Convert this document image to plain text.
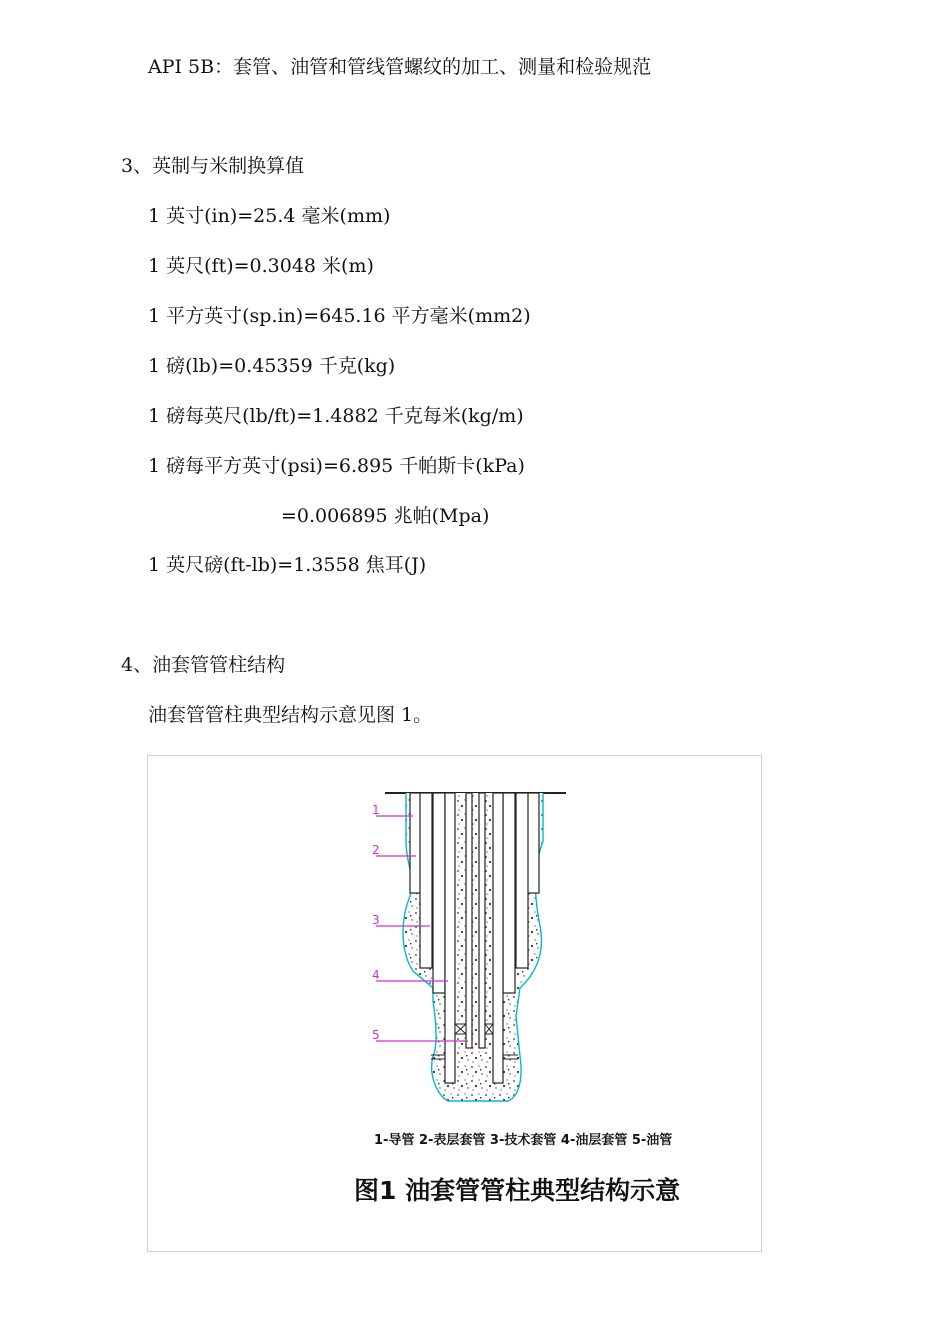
API 5B：套管、油管和管线管螺纹的加工、测量和检验规范
3、英制与米制换算值
1 英寸(in)=25.4 毫米(mm)
1 英尺(ft)=0.3048 米(m)
1 平方英寸(sp.in)=645.16 平方毫米(mm2)
1 磅(lb)=0.45359 千克(kg)
1 磅每英尺(lb/ft)=1.4882 千克每米(kg/m)
1 磅每平方英寸(psi)=6.895 千帕斯卡(kPa)
=0.006895 兆帕(Mpa)
1 英尺磅(ft-lb)=1.3558 焦耳(J)
4、油套管管柱结构
油套管管柱典型结构示意见图 1。
1
2
3
4
5
1-导管 2-表层套管 3-技术套管 4-油层套管 5-油管
图1 油套管管柱典型结构示意
